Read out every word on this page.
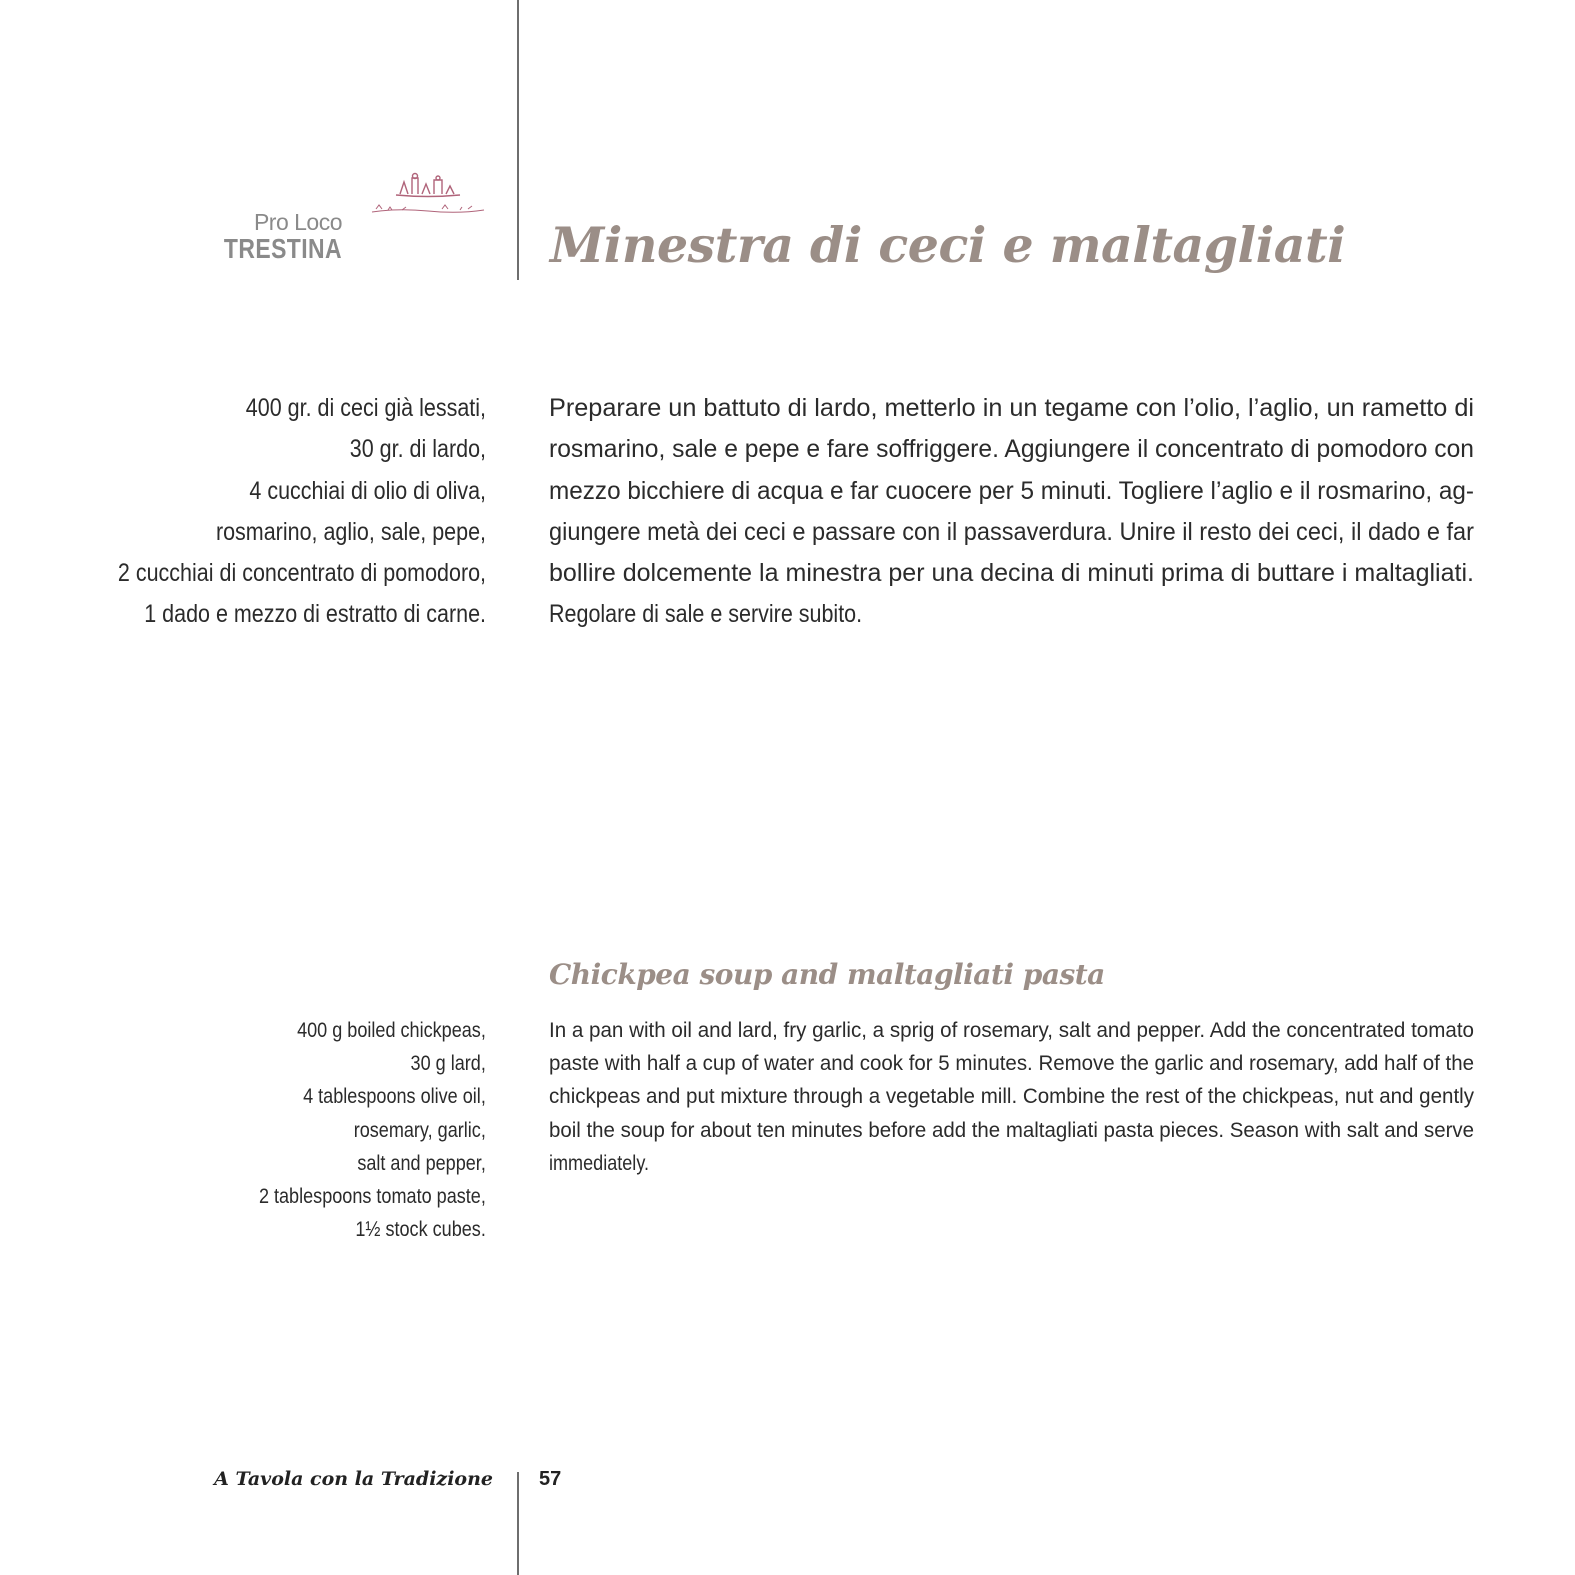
Pro Loco
TRESTINA	Minestra di ceci e maltagliati
400 gr. di ceci già lessati,
30 gr. di lardo,
4 cucchiai di olio di oliva,
rosmarino, aglio, sale, pepe,
2 cucchiai di concentrato di pomodoro,
1 dado e mezzo di estratto di carne.
Preparare un battuto di lardo, metterlo in un tegame con l’olio, l’aglio, un rametto di
rosmarino, sale e pepe e fare soffriggere. Aggiungere il concentrato di pomodoro con
mezzo bicchiere di acqua e far cuocere per 5 minuti. Togliere l’aglio e il rosmarino, ag-
giungere metà dei ceci e passare con il passaverdura. Unire il resto dei ceci, il dado e far
bollire dolcemente la minestra per una decina di minuti prima di buttare i maltagliati.
Regolare di sale e servire subito.
Chickpea soup and maltagliati pasta
400 g boiled chickpeas,
30 g lard,
4 tablespoons olive oil,
rosemary, garlic,
salt and pepper,
2 tablespoons tomato paste,
1½ stock cubes.
In a pan with oil and lard, fry garlic, a sprig of rosemary, salt and pepper. Add the concentrated tomato
paste with half a cup of water and cook for 5 minutes. Remove the garlic and rosemary, add half of the
chickpeas and put mixture through a vegetable mill. Combine the rest of the chickpeas, nut and gently
boil the soup for about ten minutes before add the maltagliati pasta pieces. Season with salt and serve
immediately.
A Tavola con la Tradizione 57
